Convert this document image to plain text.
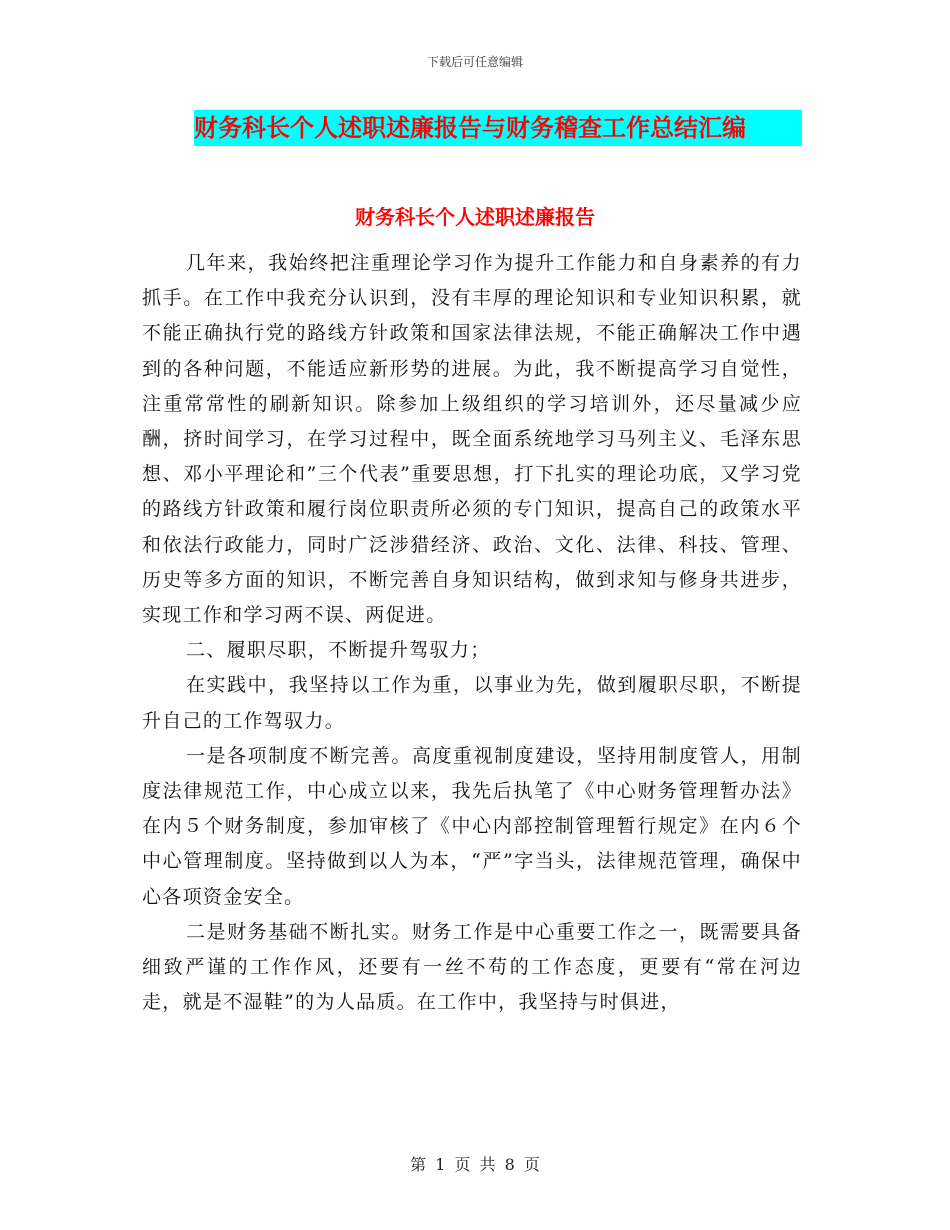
下载后可任意编辑
财务科长个人述职述廉报告与财务稽查工作总结汇编
财务科长个人述职述廉报告

几年来，我始终把注重理论学习作为提升工作能力和自身素养的有力抓手。在工作中我充分认识到，没有丰厚的理论知识和专业知识积累，就不能正确执行党的路线方针政策和国家法律法规，不能正确解决工作中遇到的各种问题，不能适应新形势的进展。为此，我不断提高学习自觉性，注重常常性的刷新知识。除参加上级组织的学习培训外，还尽量减少应酬，挤时间学习，在学习过程中，既全面系统地学习马列主义、毛泽东思想、邓小平理论和”三个代表”重要思想，打下扎实的理论功底，又学习党的路线方针政策和履行岗位职责所必须的专门知识，提高自己的政策水平和依法行政能力，同时广泛涉猎经济、政治、文化、法律、科技、管理、历史等多方面的知识，不断完善自身知识结构，做到求知与修身共进步，实现工作和学习两不误、两促进。

二、履职尽职，不断提升驾驭力；

在实践中，我坚持以工作为重，以事业为先，做到履职尽职，不断提升自己的工作驾驭力。

一是各项制度不断完善。高度重视制度建设，坚持用制度管人，用制度法律规范工作，中心成立以来，我先后执笔了《中心财务管理暂办法》在内５个财务制度，参加审核了《中心内部控制管理暂行规定》在内６个中心管理制度。坚持做到以人为本，“严”字当头，法律规范管理，确保中心各项资金安全。

二是财务基础不断扎实。财务工作是中心重要工作之一，既需要具备细致严谨的工作作风，还要有一丝不苟的工作态度，更要有“常在河边走，就是不湿鞋”的为人品质。在工作中，我坚持与时俱进，

第 1 页 共 8 页
